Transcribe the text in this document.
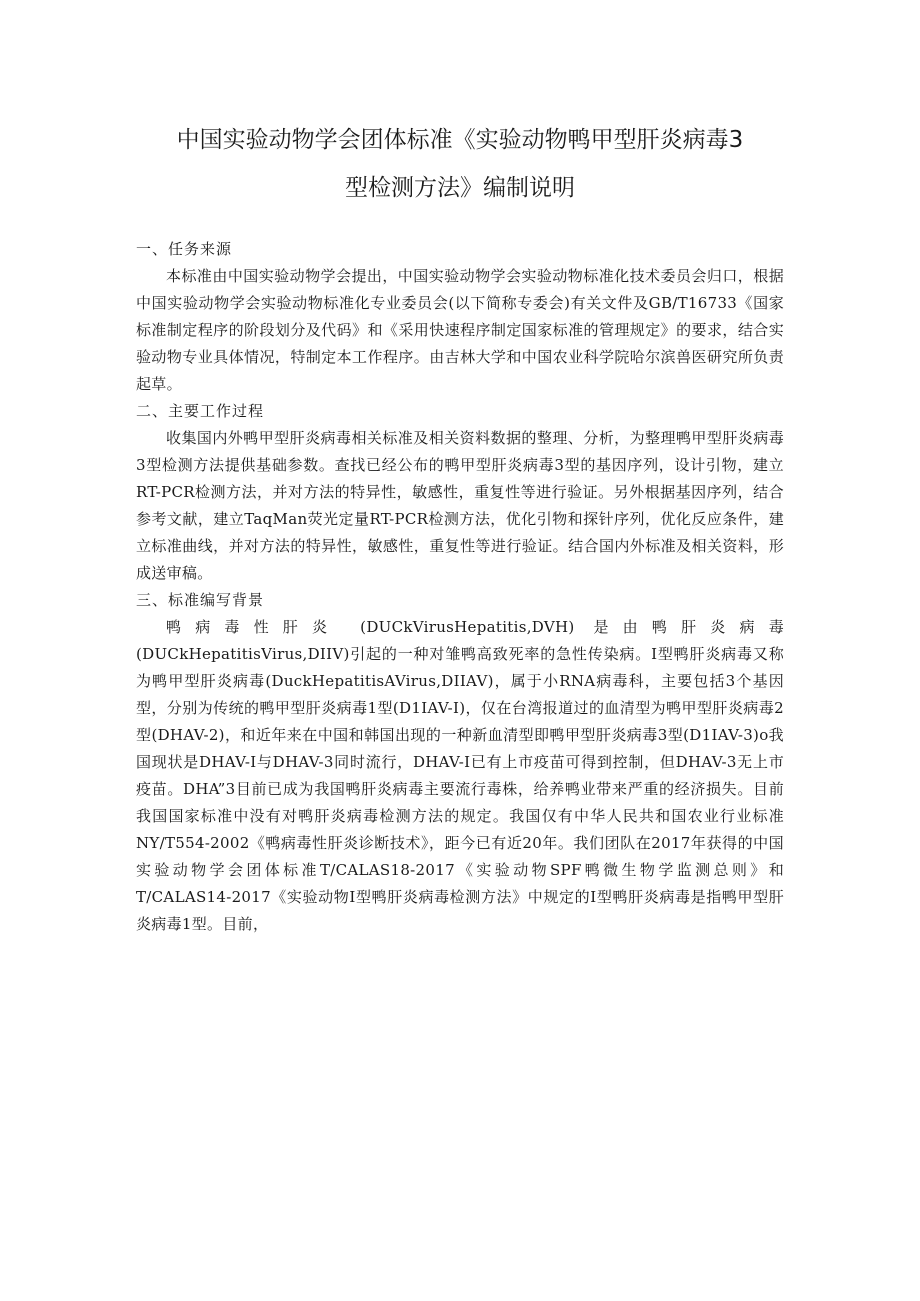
中国实验动物学会团体标准《实验动物鸭甲型肝炎病毒3
型检测方法》编制说明
一、任务来源

本标准由中国实验动物学会提出，中国实验动物学会实验动物标准化技术委员会归口，根据中国实验动物学会实验动物标准化专业委员会(以下简称专委会)有关文件及GB/T16733《国家标准制定程序的阶段划分及代码》和《采用快速程序制定国家标准的管理规定》的要求，结合实验动物专业具体情况，特制定本工作程序。由吉林大学和中国农业科学院哈尔滨兽医研究所负责起草。

二、主要工作过程

收集国内外鸭甲型肝炎病毒相关标准及相关资料数据的整理、分析，为整理鸭甲型肝炎病毒3型检测方法提供基础参数。查找已经公布的鸭甲型肝炎病毒3型的基因序列，设计引物，建立RT-PCR检测方法，并对方法的特异性，敏感性，重复性等进行验证。另外根据基因序列，结合参考文献，建立TaqMan荧光定量RT-PCR检测方法，优化引物和探针序列，优化反应条件，建立标准曲线，并对方法的特异性，敏感性，重复性等进行验证。结合国内外标准及相关资料，形成送审稿。

三、标准编写背景

鸭病毒性肝炎 (DUCkVirusHepatitis,DVH) 是由鸭肝炎病毒(DUCkHepatitisVirus,DIIV)引起的一种对雏鸭高致死率的急性传染病。I型鸭肝炎病毒又称为鸭甲型肝炎病毒(DuckHepatitisAVirus,DIIAV)，属于小RNA病毒科，主要包括3个基因型，分别为传统的鸭甲型肝炎病毒1型(D1IAV-I)，仅在台湾报道过的血清型为鸭甲型肝炎病毒2型(DHAV-2)，和近年来在中国和韩国出现的一种新血清型即鸭甲型肝炎病毒3型(D1IAV-3)o我国现状是DHAV-I与DHAV-3同时流行，DHAV-I已有上市疫苗可得到控制，但DHAV-3无上市疫苗。DHA”3目前已成为我国鸭肝炎病毒主要流行毒株，给养鸭业带来严重的经济损失。目前我国国家标准中没有对鸭肝炎病毒检测方法的规定。我国仅有中华人民共和国农业行业标准NY/T554-2002《鸭病毒性肝炎诊断技术》，距今已有近20年。我们团队在2017年获得的中国实验动物学会团体标准T/CALAS18-2017《实验动物SPF鸭微生物学监测总则》和T/CALAS14-2017《实验动物I型鸭肝炎病毒检测方法》中规定的I型鸭肝炎病毒是指鸭甲型肝炎病毒1型。目前，
